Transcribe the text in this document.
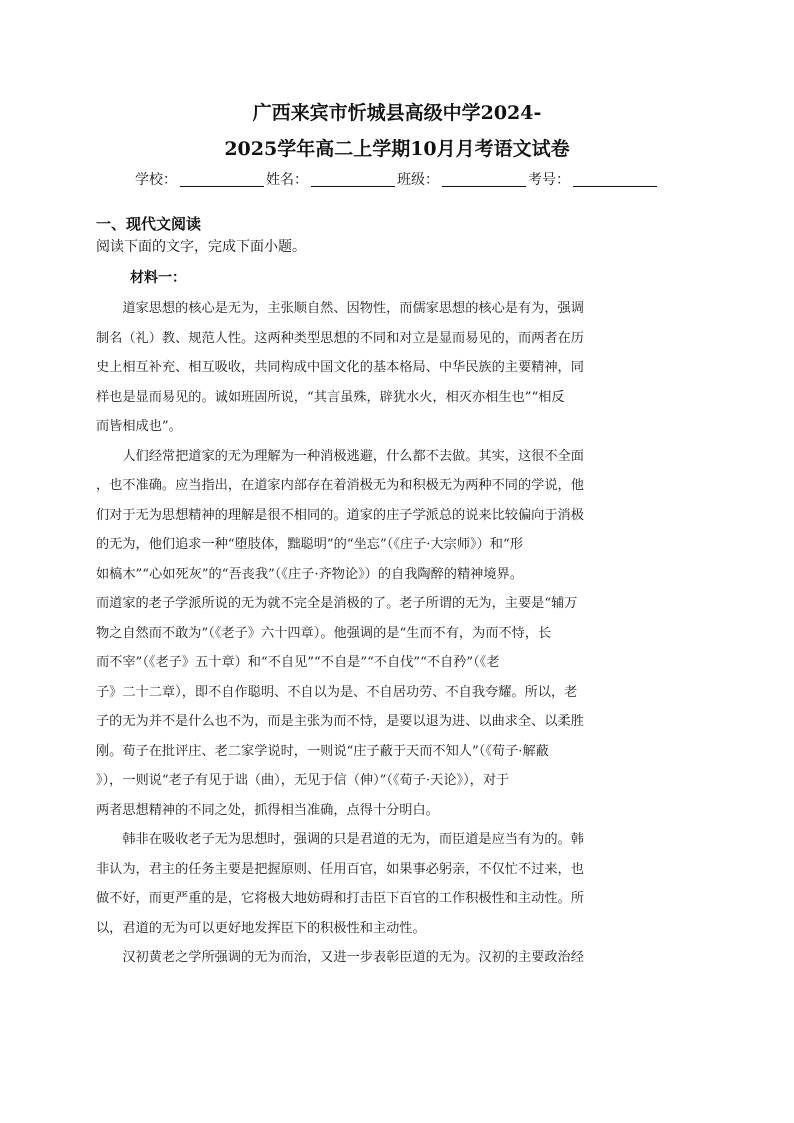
广西来宾市忻城县高级中学2024-
2025学年高二上学期10月月考语文试卷
学校：	姓名：	班级：	考号：
一、现代文阅读
阅读下面的文字，完成下面小题。
材料一：
　　道家思想的核心是无为，主张顺自然、因物性，而儒家思想的核心是有为，强调
制名（礼）教、规范人性。这两种类型思想的不同和对立是显而易见的，而两者在历
史上相互补充、相互吸收，共同构成中国文化的基本格局、中华民族的主要精神，同
样也是显而易见的。诚如班固所说，“其言虽殊，辟犹水火，相灭亦相生也”“相反
而皆相成也”。
　　人们经常把道家的无为理解为一种消极逃避，什么都不去做。其实，这很不全面
，也不准确。应当指出，在道家内部存在着消极无为和积极无为两种不同的学说，他
们对于无为思想精神的理解是很不相同的。道家的庄子学派总的说来比较偏向于消极
的无为，他们追求一种“堕肢体，黜聪明”的“坐忘”（《庄子·大宗师》）和“形
如槁木”“心如死灰”的“吾丧我”（《庄子·齐物论》）的自我陶醉的精神境界。
而道家的老子学派所说的无为就不完全是消极的了。老子所谓的无为，主要是“辅万
物之自然而不敢为”（《老子》六十四章）。他强调的是“生而不有，为而不恃，长
而不宰”（《老子》五十章）和“不自见”“不自是”“不自伐”“不自矜”（《老
子》二十二章），即不自作聪明、不自以为是、不自居功劳、不自我夸耀。所以，老
子的无为并不是什么也不为，而是主张为而不恃，是要以退为进、以曲求全、以柔胜
刚。荀子在批评庄、老二家学说时，一则说“庄子蔽于天而不知人”（《荀子·解蔽
》），一则说“老子有见于诎（曲），无见于信（伸）”（《荀子·天论》），对于
两者思想精神的不同之处，抓得相当准确，点得十分明白。
　　韩非在吸收老子无为思想时，强调的只是君道的无为，而臣道是应当有为的。韩
非认为，君主的任务主要是把握原则、任用百官，如果事必躬亲，不仅忙不过来，也
做不好，而更严重的是，它将极大地妨碍和打击臣下百官的工作积极性和主动性。所
以，君道的无为可以更好地发挥臣下的积极性和主动性。
　　汉初黄老之学所强调的无为而治，又进一步表彰臣道的无为。汉初的主要政治经
